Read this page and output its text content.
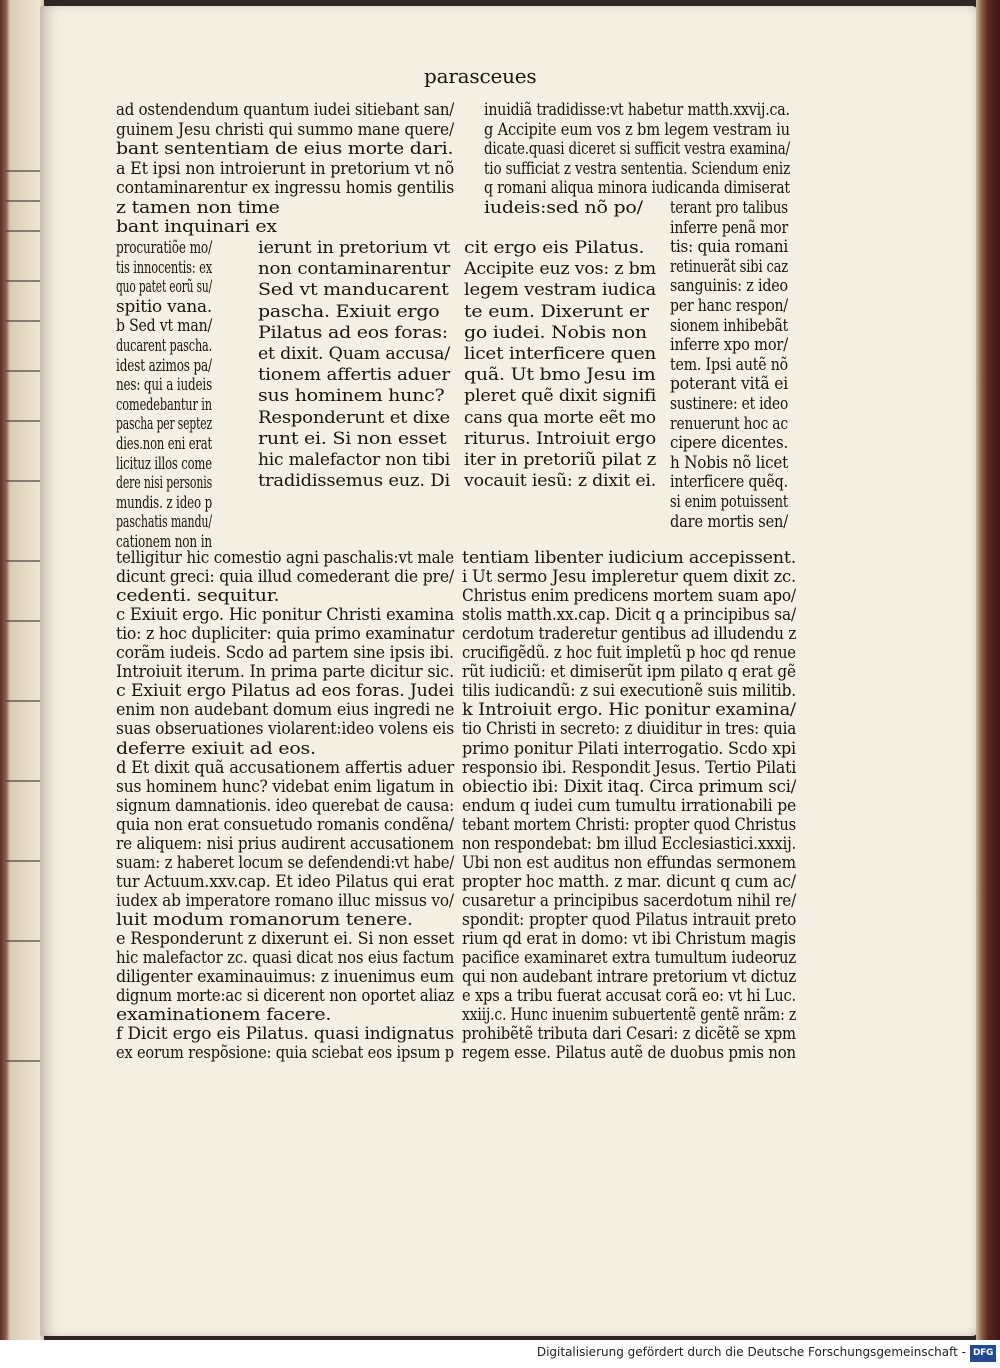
parasceues
ad ostendendum quantum iudei sitiebant san/
guinem Jesu christi qui summo mane quere/
bant sententiam de eius morte dari.
a Et ipsi non introierunt in pretorium vt nõ
contaminarentur ex ingressu homis gentilis
z tamen non time
bant inquinari ex
inuidiã tradidisse:vt habetur matth.xxvij.ca.
g Accipite eum vos z bm legem vestram iu
dicate.quasi diceret si sufficit vestra examina/
tio sufficiat z vestra sententia. Sciendum eniz
q romani aliqua minora iudicanda dimiserat
iudeis:sed nõ po/
procuratiõe mo/
tis innocentis: ex
quo patet eorũ su/
spitio vana.
b Sed vt man/
ducarent pascha.
idest azimos pa/
nes: qui a iudeis
comedebantur in
pascha per septez
dies.non eni erat
licituz illos come
dere nisi personis
mundis. z ideo p
paschatis mandu/
cationem non in
ierunt in pretorium vt
non contaminarentur
Sed vt manducarent
pascha. Exiuit ergo
Pilatus ad eos foras:
et dixit. Quam accusa/
tionem affertis aduer
sus hominem hunc?
Responderunt et dixe
runt ei. Si non esset
hic malefactor non tibi
tradidissemus euz. Di
cit ergo eis Pilatus.
Accipite euz vos: z bm
legem vestram iudica
te eum. Dixerunt er
go iudei. Nobis non
licet interficere quen
quã. Ut bmo Jesu im
pleret quẽ dixit signifi
cans qua morte eẽt mo
riturus. Introiuit ergo
iter in pretoriũ pilat z
vocauit iesũ: z dixit ei.
terant pro talibus
inferre penã mor
tis: quia romani
retinuerãt sibi caz
sanguinis: z ideo
per hanc respon/
sionem inhibebãt
inferre xpo mor/
tem. Ipsi autẽ nõ
poterant vitã ei
sustinere: et ideo
renuerunt hoc ac
cipere dicentes.
h Nobis nõ licet
interficere quẽq.
si enim potuissent
dare mortis sen/
telligitur hic comestio agni paschalis:vt male
dicunt greci: quia illud comederant die pre/
cedenti. sequitur.
c Exiuit ergo. Hic ponitur Christi examina
tio: z hoc dupliciter: quia primo examinatur
corãm iudeis. Scdo ad partem sine ipsis ibi.
Introiuit iterum. In prima parte dicitur sic.
c Exiuit ergo Pilatus ad eos foras. Judei
enim non audebant domum eius ingredi ne
suas obseruationes violarent:ideo volens eis
deferre exiuit ad eos.
d Et dixit quã accusationem affertis aduer
sus hominem hunc? videbat enim ligatum in
signum damnationis. ideo querebat de causa:
quia non erat consuetudo romanis condẽna/
re aliquem: nisi prius audirent accusationem
suam: z haberet locum se defendendi:vt habe/
tur Actuum.xxv.cap. Et ideo Pilatus qui erat
iudex ab imperatore romano illuc missus vo/
luit modum romanorum tenere.
e Responderunt z dixerunt ei. Si non esset
hic malefactor zc. quasi dicat nos eius factum
diligenter examinauimus: z inuenimus eum
dignum morte:ac si dicerent non oportet aliaz
examinationem facere.
f Dicit ergo eis Pilatus. quasi indignatus
ex eorum respõsione: quia sciebat eos ipsum p
tentiam libenter iudicium accepissent.
i Ut sermo Jesu impleretur quem dixit zc.
Christus enim predicens mortem suam apo/
stolis matth.xx.cap. Dicit q a principibus sa/
cerdotum traderetur gentibus ad illudendu z
crucifigẽdũ. z hoc fuit impletũ p hoc qd renue
rũt iudiciũ: et dimiserũt ipm pilato q erat gẽ
tilis iudicandũ: z sui executionẽ suis militib.
k Introiuit ergo. Hic ponitur examina/
tio Christi in secreto: z diuiditur in tres: quia
primo ponitur Pilati interrogatio. Scdo xpi
responsio ibi. Respondit Jesus. Tertio Pilati
obiectio ibi: Dixit itaq. Circa primum sci/
endum q iudei cum tumultu irrationabili pe
tebant mortem Christi: propter quod Christus
non respondebat: bm illud Ecclesiastici.xxxij.
Ubi non est auditus non effundas sermonem
propter hoc matth. z mar. dicunt q cum ac/
cusaretur a principibus sacerdotum nihil re/
spondit: propter quod Pilatus intrauit preto
rium qd erat in domo: vt ibi Christum magis
pacifice examinaret extra tumultum iudeoruz
qui non audebant intrare pretorium vt dictuz
e xps a tribu fuerat accusat corã eo: vt hi Luc.
xxiij.c. Hunc inuenim subuertentẽ gentẽ nrãm: z
prohibẽtẽ tributa dari Cesari: z dicẽtẽ se xpm
regem esse. Pilatus autẽ de duobus pmis non
Digitalisierung gefördert durch die Deutsche Forschungsgemeinschaft - DFG
